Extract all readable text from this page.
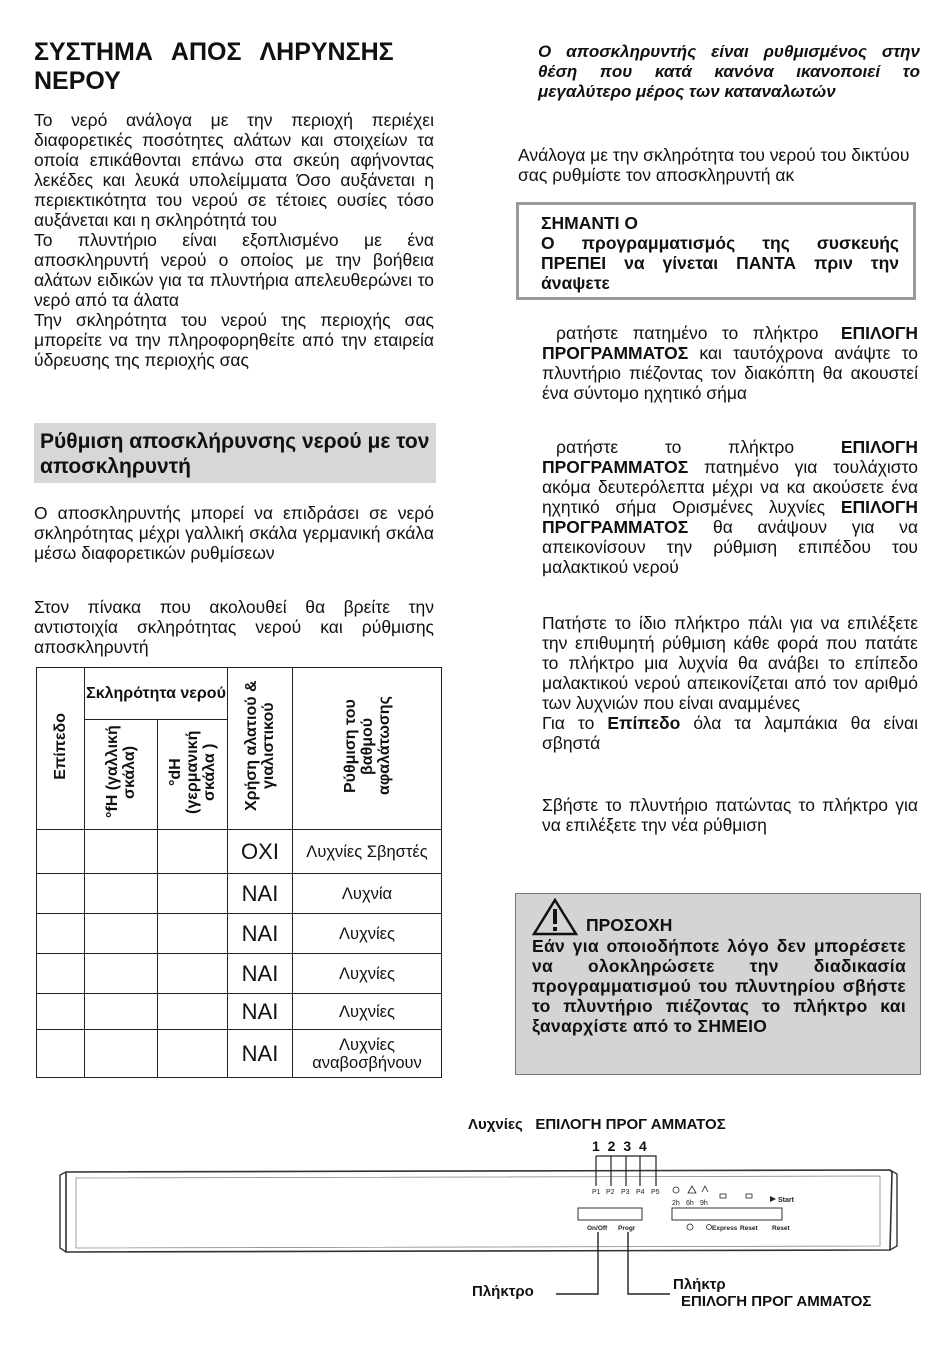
ΣΥΣΤΗΜΑ ΑΠΟΣ ΛΗΡΥΝΣΗΣ ΝΕΡΟΥ

Το νερό ανάλογα με την περιοχή περιέχει διαφορετικές ποσότητες αλάτων και στοιχείων τα οποία επικάθονται επάνω στα σκεύη αφήνοντας λεκέδες και λευκά υπολείμματα Όσο αυξάνεται η περιεκτικότητα του νερού σε τέτοιες ουσίες τόσο αυξάνεται και η σκληρότητά του

Το πλυντήριο είναι εξοπλισμένο με ένα αποσκληρυντή νερού ο οποίος με την βοήθεια αλάτων ειδικών για τα πλυντήρια απελευθερώνει το νερό από τα άλατα

Την σκληρότητα του νερού της περιοχής σας μπορείτε να την πληροφορηθείτε από την εταιρεία ύδρευσης της περιοχής σας

Ρύθμιση αποσκλήρυνσης νερού με τον αποσκληρυντή

Ο αποσκληρυντής μπορεί να επιδράσει σε νερό σκληρότητας μέχρι γαλλική σκάλα γερμανική σκάλα μέσω διαφορετικών ρυθμίσεων

Στον πίνακα που ακολουθεί θα βρείτε την αντιστοιχία σκληρότητας νερού και ρύθμισης αποσκληρυντή

Επίπεδο	Σκληρότητα νερού		Χρήση αλατιού & γιαλιστικού	Ρύθμιση του βαθμού αφαλάτωσης
	°fH (γαλλική σκάλα)	°dH (γερμανική σκάλα )		
			ΟΧΙ	Λυχνίες Σβηστές
			ΝΑΙ	Λυχνία
			ΝΑΙ	Λυχνίες
			ΝΑΙ	Λυχνίες
			ΝΑΙ	Λυχνίες
			ΝΑΙ	Λυχνίες αναβοσβήνουν
Ο αποσκληρυντής είναι ρυθμισμένος στην θέση που κατά κανόνα ικανοποιεί το μεγαλύτερο μέρος των καταναλωτών

Ανάλογα με την σκληρότητα του νερού του δικτύου σας ρυθμίστε τον αποσκληρυντή ακ

ΣΗΜΑΝΤΙ Ο
Ο προγραμματισμός της συσκευής ΠΡΕΠΕΙ να γίνεται ΠΑΝΤΑ πριν την άναψετε
ρατήστε πατημένο το πλήκτρο ΕΠΙΛΟΓΗ ΠΡΟΓΡΑΜΜΑΤΟΣ και ταυτόχρονα ανάψτε το πλυντήριο πιέζοντας τον διακόπτη θα ακουστεί ένα σύντομο ηχητικό σήμα
ρατήστε το πλήκτρο	ΕΠΙΛΟΓΗ ΠΡΟΓΡΑΜΜΑΤΟΣ πατημένο για τουλάχιστο ακόμα δευτερόλεπτα μέχρι να κα ακούσετε ένα ηχητικό σήμα Ορισμένες λυχνίες ΕΠΙΛΟΓΗ ΠΡΟΓΡΑΜΜΑΤΟΣ θα ανάψουν για να απεικονίσουν την ρύθμιση επιπέδου του μαλακτικού νερού
Πατήστε το ίδιο πλήκτρο πάλι για να επιλέξετε την επιθυμητή ρύθμιση κάθε φορά που πατάτε το πλήκτρο μια λυχνία θα ανάβει το επίπεδο μαλακτικού νερού απεικονίζεται από τον αριθμό των λυχνιών που είναι αναμμένες
Για το Επίπεδο όλα τα λαμπάκια θα είναι σβηστά

Σβήστε το πλυντήριο πατώντας το πλήκτρο για να επιλέξετε την νέα ρύθμιση

ΠΡΟΣΟΧΗ
Εάν για οποιοδήποτε λόγο δεν μπορέσετε να ολοκληρώσετε την διαδικασία προγραμματισμού του πλυντηρίου σβήστε το πλυντήριο πιέζοντας το πλήκτρο και ξαναρχίστε από το ΣΗΜΕΙΟ
Λυχνίες ΕΠΙΛΟΓΗ ΠΡΟΓ ΑΜΜΑΤΟΣ
1 2 3 4
P1 P2 P3 P4 P5
2h 6h 9h	Start
On/Off Progr	Express Reset Reset
Πλήκτρο	Πλήκτρ
ΕΠΙΛΟΓΗ ΠΡΟΓ ΑΜΜΑΤΟΣ
